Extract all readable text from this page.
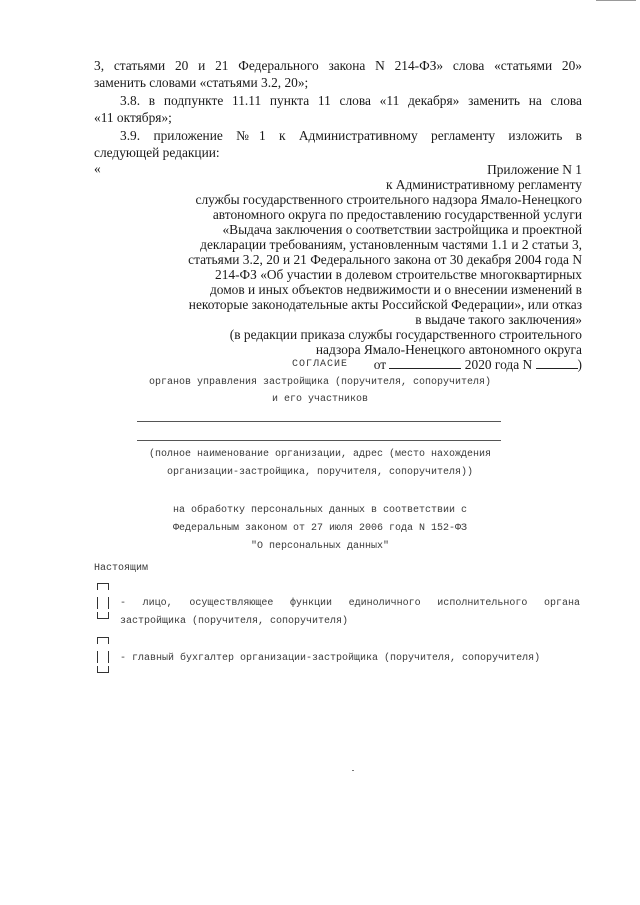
3, статьями 20 и 21 Федерального закона N 214-ФЗ» слова «статьями 20»
заменить словами «статьями 3.2, 20»;
3.8. в подпункте 11.11 пункта 11 слова «11 декабря» заменить на слова
«11 октября»;
3.9. приложение №1 к Административному регламенту изложить в
следующей редакции:
«	Приложение N 1
к Административному регламенту
службы государственного строительного надзора Ямало-Ненецкого
автономного округа по предоставлению государственной услуги
«Выдача заключения о соответствии застройщика и проектной
декларации требованиям, установленным частями 1.1 и 2 статьи 3,
статьями 3.2, 20 и 21 Федерального закона от 30 декабря 2004 года N
214-ФЗ «Об участии в долевом строительстве многоквартирных
домов и иных объектов недвижимости и о внесении изменений в
некоторые законодательные акты Российской Федерации», или отказ
в выдаче такого заключения»
(в редакции приказа службы государственного строительного
надзора Ямало-Ненецкого автономного округа
от	2020 года N	)
СОГЛАСИЕ
органов управления застройщика (поручителя, сопоручителя)
и его участников
(полное наименование организации, адрес (место нахождения
организации-застройщика, поручителя, сопоручителя))
на обработку персональных данных в соответствии с
Федеральным законом от 27 июля 2006 года N 152-ФЗ
"О персональных данных"
Настоящим
- лицо, осуществляющее функции единоличного исполнительного органа
застройщика (поручителя, сопоручителя)
- главный бухгалтер организации-застройщика (поручителя, сопоручителя)
